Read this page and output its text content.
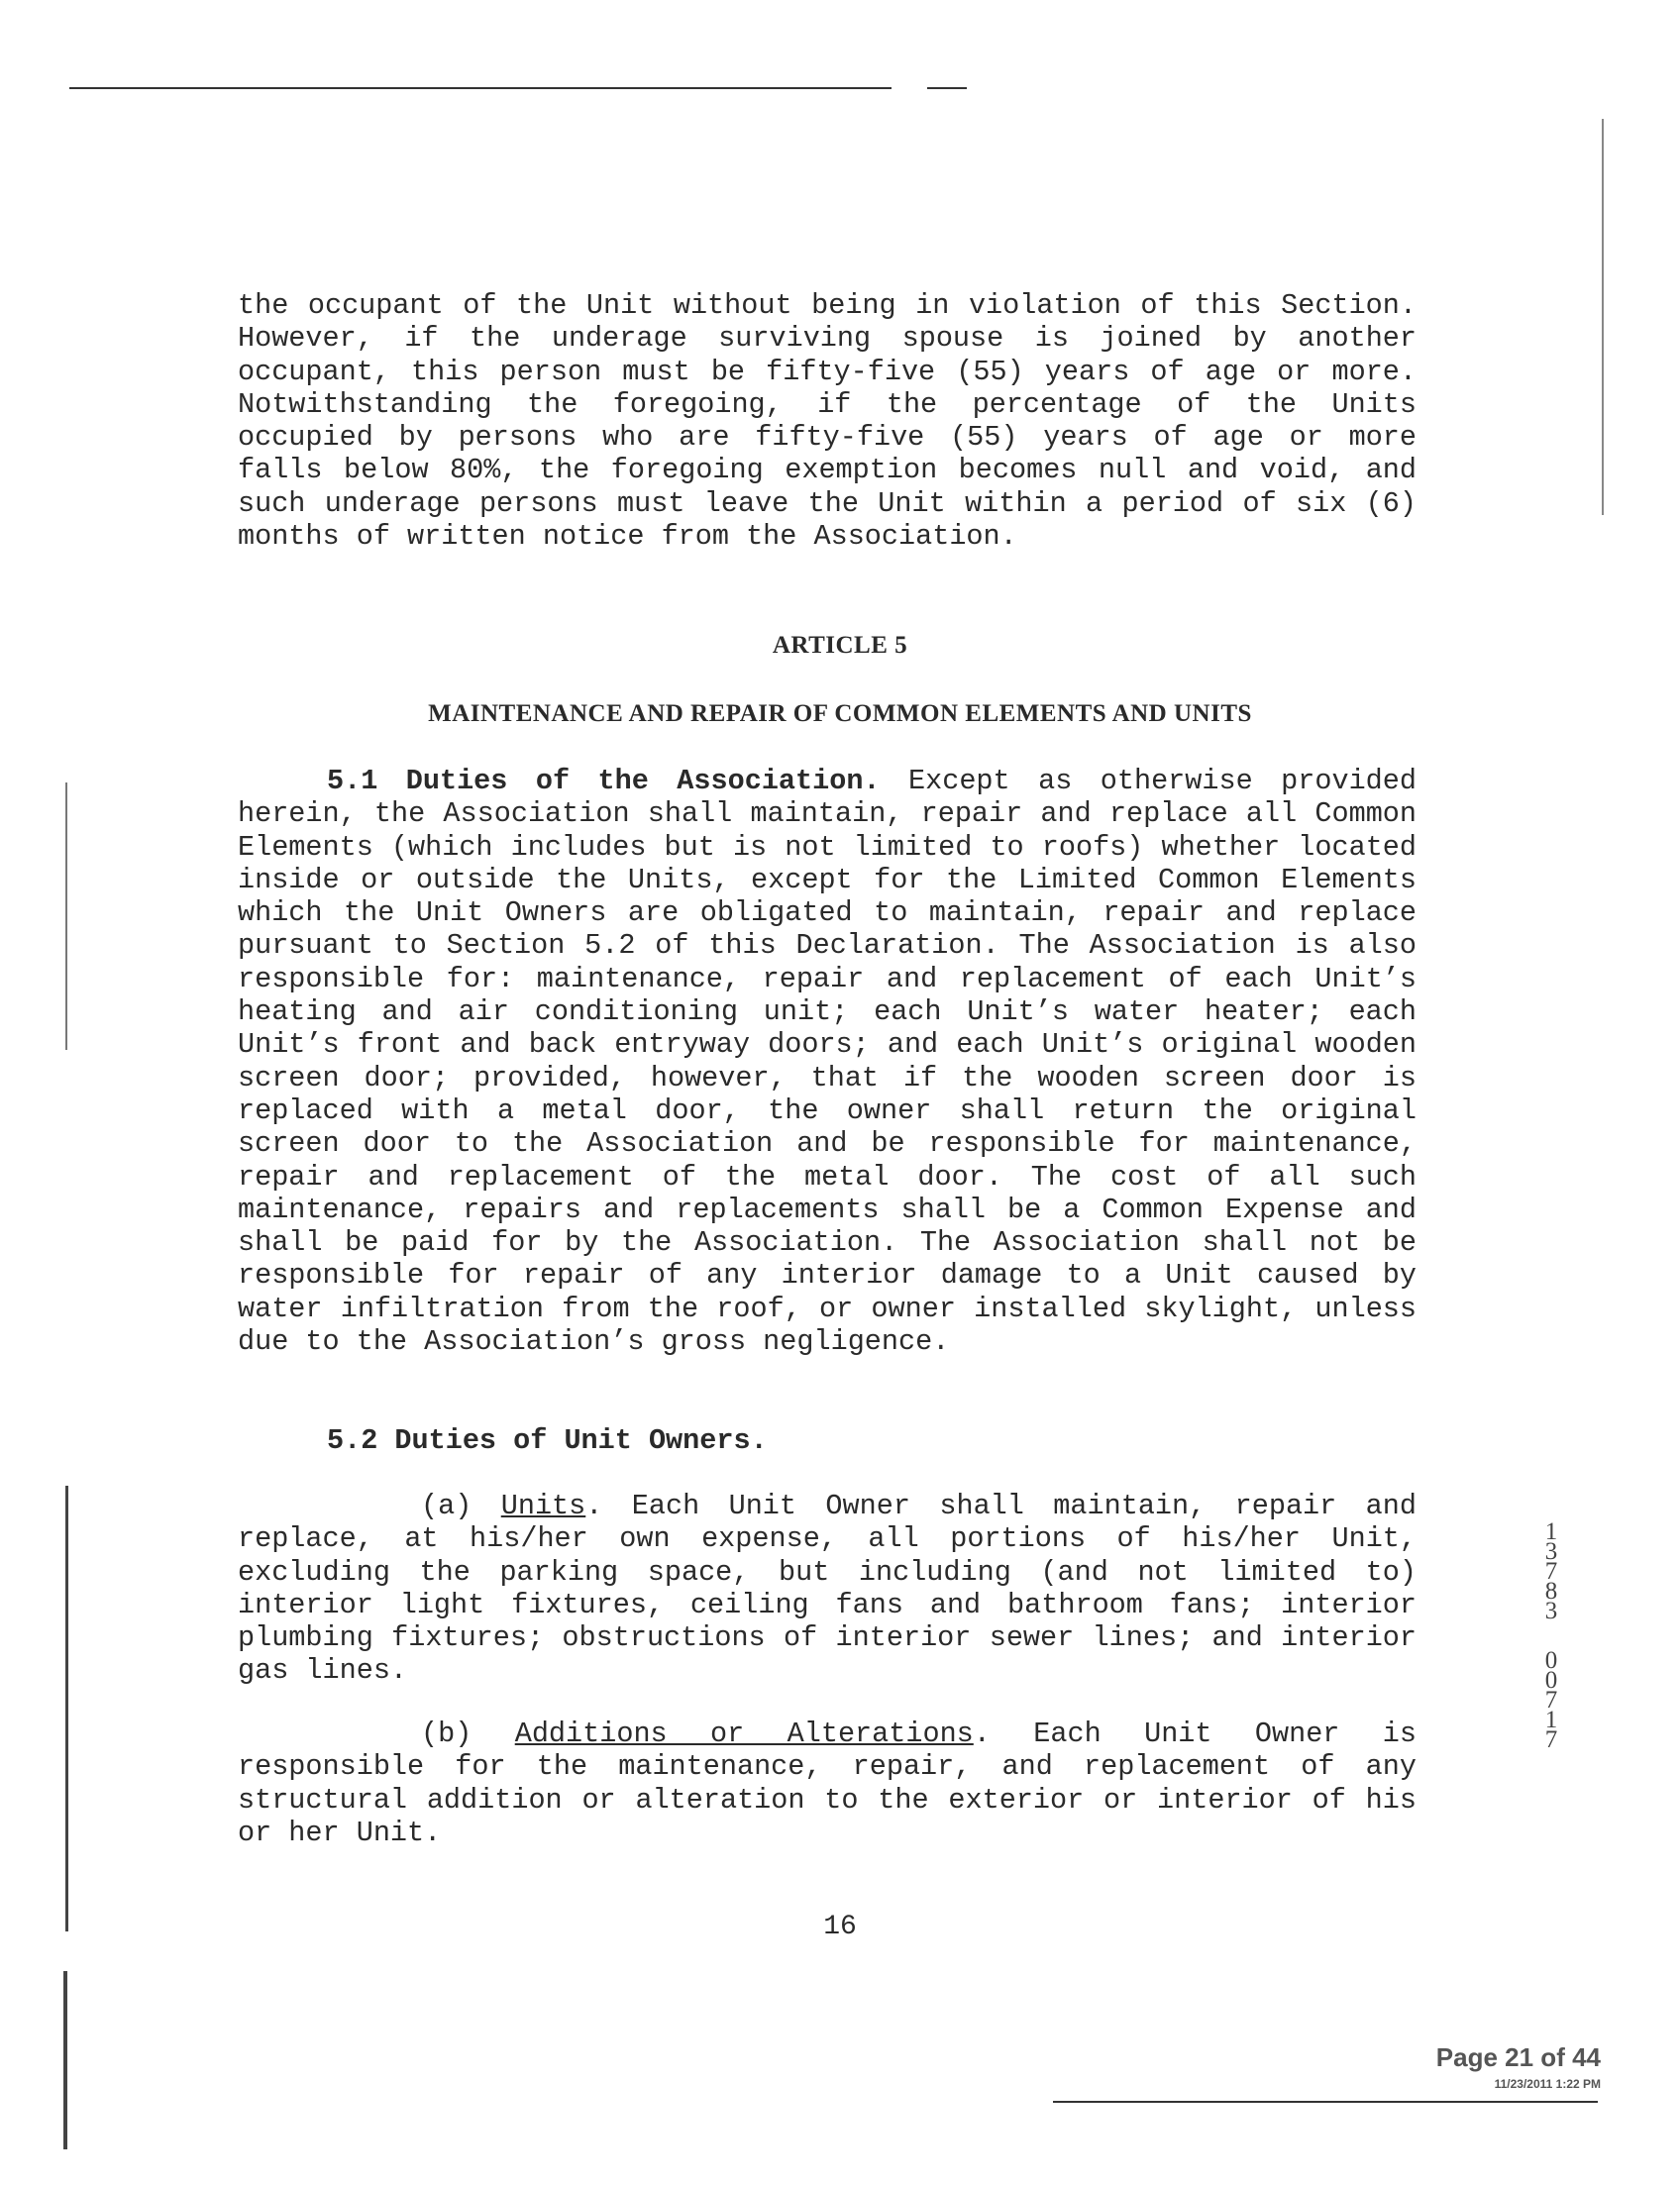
the occupant of the Unit without being in violation of this Section. However, if the underage surviving spouse is joined by another occupant, this person must be fifty-five (55) years of age or more. Notwithstanding the foregoing, if the percentage of the Units occupied by persons who are fifty-five (55) years of age or more falls below 80%, the foregoing exemption becomes null and void, and such underage persons must leave the Unit within a period of six (6) months of written notice from the Association.

ARTICLE 5

MAINTENANCE AND REPAIR OF COMMON ELEMENTS AND UNITS

5.1 Duties of the Association. Except as otherwise provided herein, the Association shall maintain, repair and replace all Common Elements (which includes but is not limited to roofs) whether located inside or outside the Units, except for the Limited Common Elements which the Unit Owners are obligated to maintain, repair and replace pursuant to Section 5.2 of this Declaration. The Association is also responsible for: maintenance, repair and replacement of each Unit’s heating and air conditioning unit; each Unit’s water heater; each Unit’s front and back entryway doors; and each Unit’s original wooden screen door; provided, however, that if the wooden screen door is replaced with a metal door, the owner shall return the original screen door to the Association and be responsible for maintenance, repair and replacement of the metal door. The cost of all such maintenance, repairs and replacements shall be a Common Expense and shall be paid for by the Association. The Association shall not be responsible for repair of any interior damage to a Unit caused by water infiltration from the roof, or owner installed skylight, unless due to the Association’s gross negligence.

5.2 Duties of Unit Owners.

(a) Units. Each Unit Owner shall maintain, repair and replace, at his/her own expense, all portions of his/her Unit, excluding the parking space, but including (and not limited to) interior light fixtures, ceiling fans and bathroom fans; interior plumbing fixtures; obstructions of interior sewer lines; and interior gas lines.

(b) Additions or Alterations. Each Unit Owner is responsible for the maintenance, repair, and replacement of any structural addition or alteration to the exterior or interior of his or her Unit.

16
1
3
7
8
3
0
0
7
1
7
Page 21 of 44
11/23/2011 1:22 PM
